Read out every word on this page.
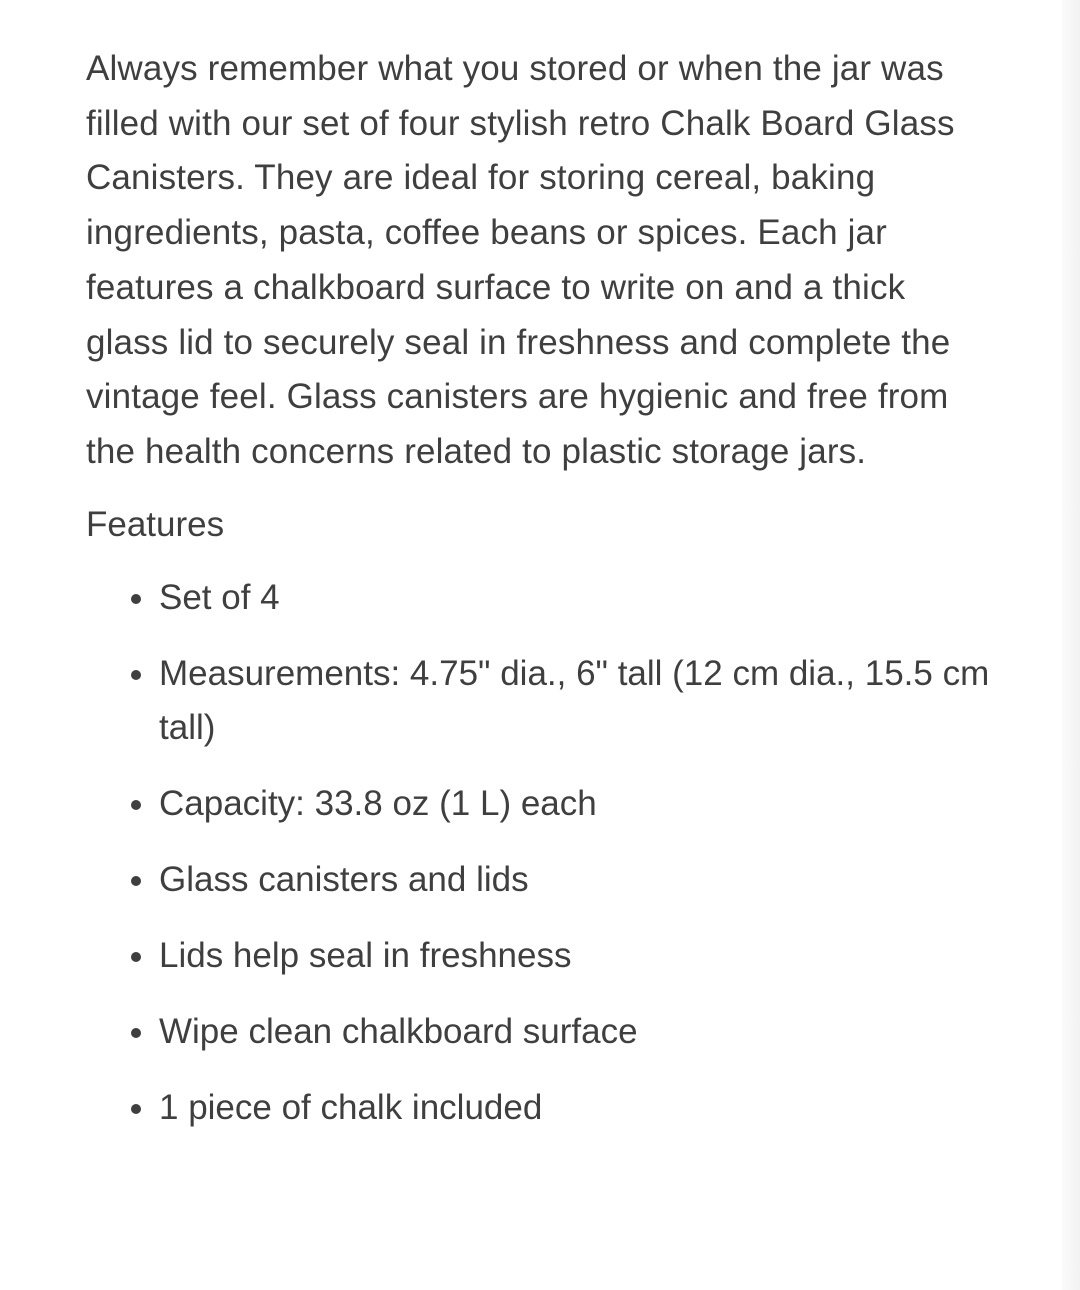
Always remember what you stored or when the jar was filled with our set of four stylish retro Chalk Board Glass Canisters. They are ideal for storing cereal, baking ingredients, pasta, coffee beans or spices. Each jar features a chalkboard surface to write on and a thick glass lid to securely seal in freshness and complete the vintage feel. Glass canisters are hygienic and free from the health concerns related to plastic storage jars.

Features
Set of 4
Measurements: 4.75" dia., 6" tall (12 cm dia., 15.5 cm tall)
Capacity: 33.8 oz (1 L) each
Glass canisters and lids
Lids help seal in freshness
Wipe clean chalkboard surface
1 piece of chalk included
